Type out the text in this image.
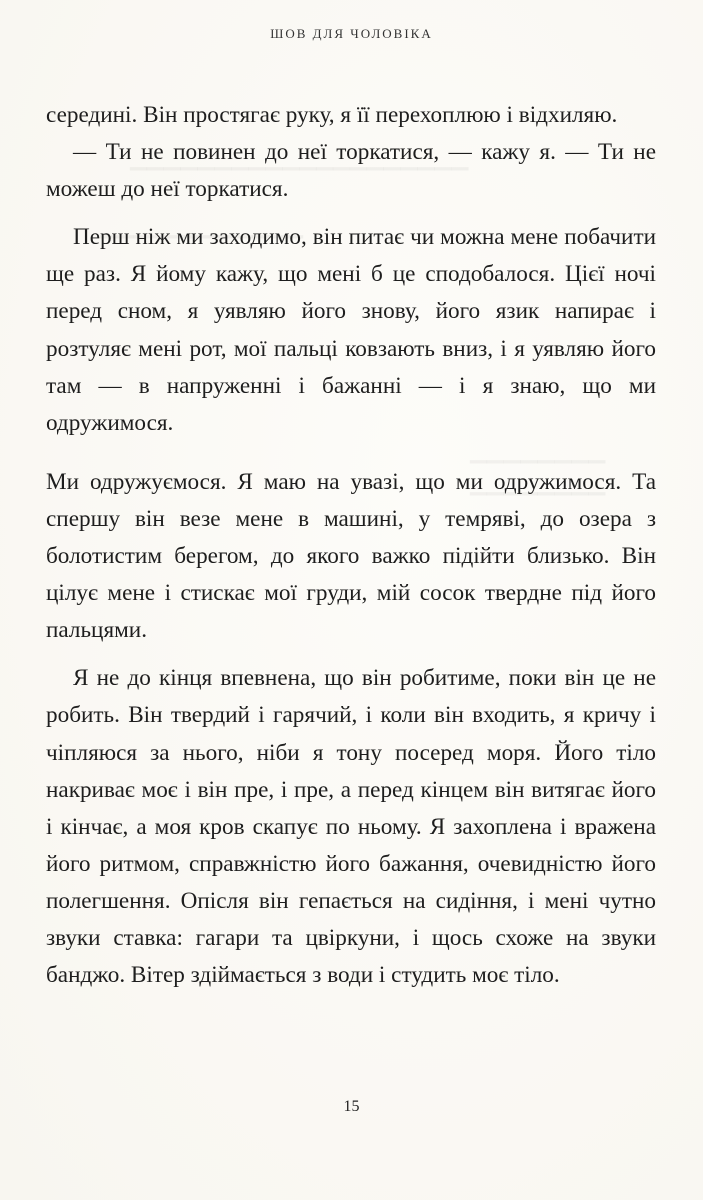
ШОВ ДЛЯ ЧОЛОВІКА

середині. Він простягає руку, я її перехоплюю і відхиляю.

— Ти не повинен до неї торкатися, — кажу я. — Ти не можеш до неї торкатися.

Перш ніж ми заходимо, він питає чи можна мене побачити ще раз. Я йому кажу, що мені б це сподобалося. Цієї ночі перед сном, я уявляю його знову, його язик напирає і розтуляє мені рот, мої пальці ковзають вниз, і я уявляю його там — в напруженні і бажанні — і я знаю, що ми одружимося.

Ми одружуємося. Я маю на увазі, що ми одружимося. Та спершу він везе мене в машині, у темряві, до озера з болотистим берегом, до якого важко підійти близько. Він цілує мене і стискає мої груди, мій сосок твердне під його пальцями.

Я не до кінця впевнена, що він робитиме, поки він це не робить. Він твердий і гарячий, і коли він входить, я кричу і чіпляюся за нього, ніби я тону посеред моря. Його тіло накриває моє і він пре, і пре, а перед кінцем він витягає його і кінчає, а моя кров скапує по ньому. Я захоплена і вражена його ритмом, справжністю його бажання, очевидністю його полегшення. Опісля він гепається на сидіння, і мені чутно звуки ставка: гагари та цвіркуни, і щось схоже на звуки банджо. Вітер здіймається з води і студить моє тіло.

15
